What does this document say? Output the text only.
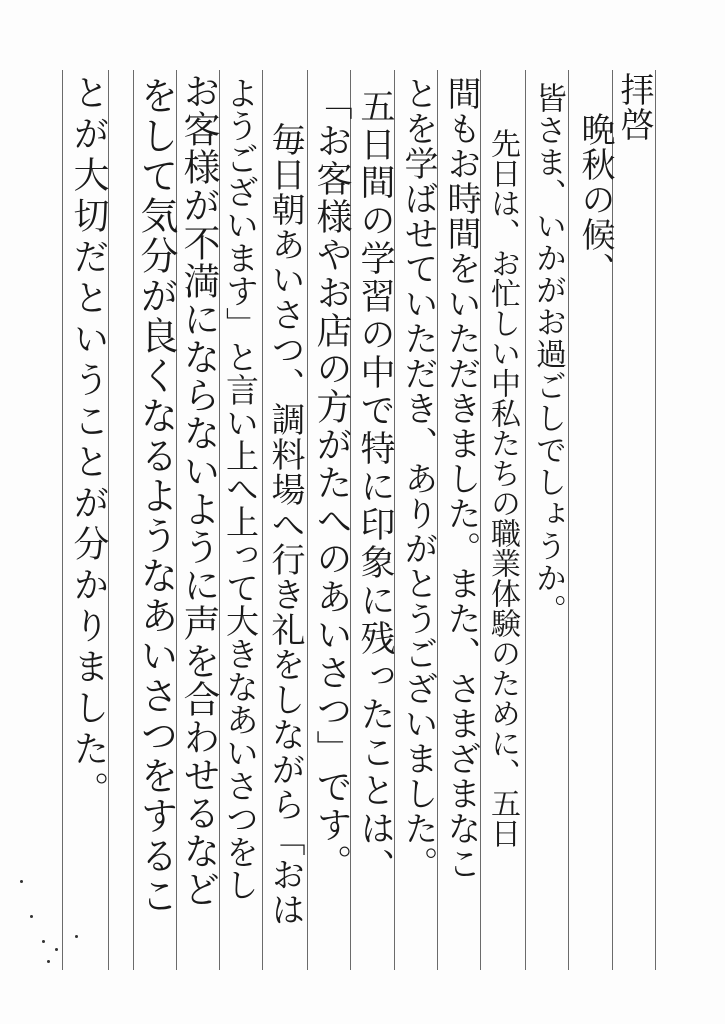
拝啓
晩秋の候、
皆さま、いかがお過ごしでしょうか。
先日は、お忙しい中私たちの職業体験のために、五日
間もお時間をいただきました。また、さまざまなこ
とを学ばせていただき、ありがとうございました。
五日間の学習の中で特に印象に残ったことは、
「お客様やお店の方がたへのあいさつ」です。
毎日朝あいさつ、調料場へ行き礼をしながら「おは
ようございます」と言い上へ上って大きなあいさつをし
お客様が不満にならないように声を合わせるなど
をして気分が良くなるようなあいさつをするこ
とが大切だということが分かりました。
